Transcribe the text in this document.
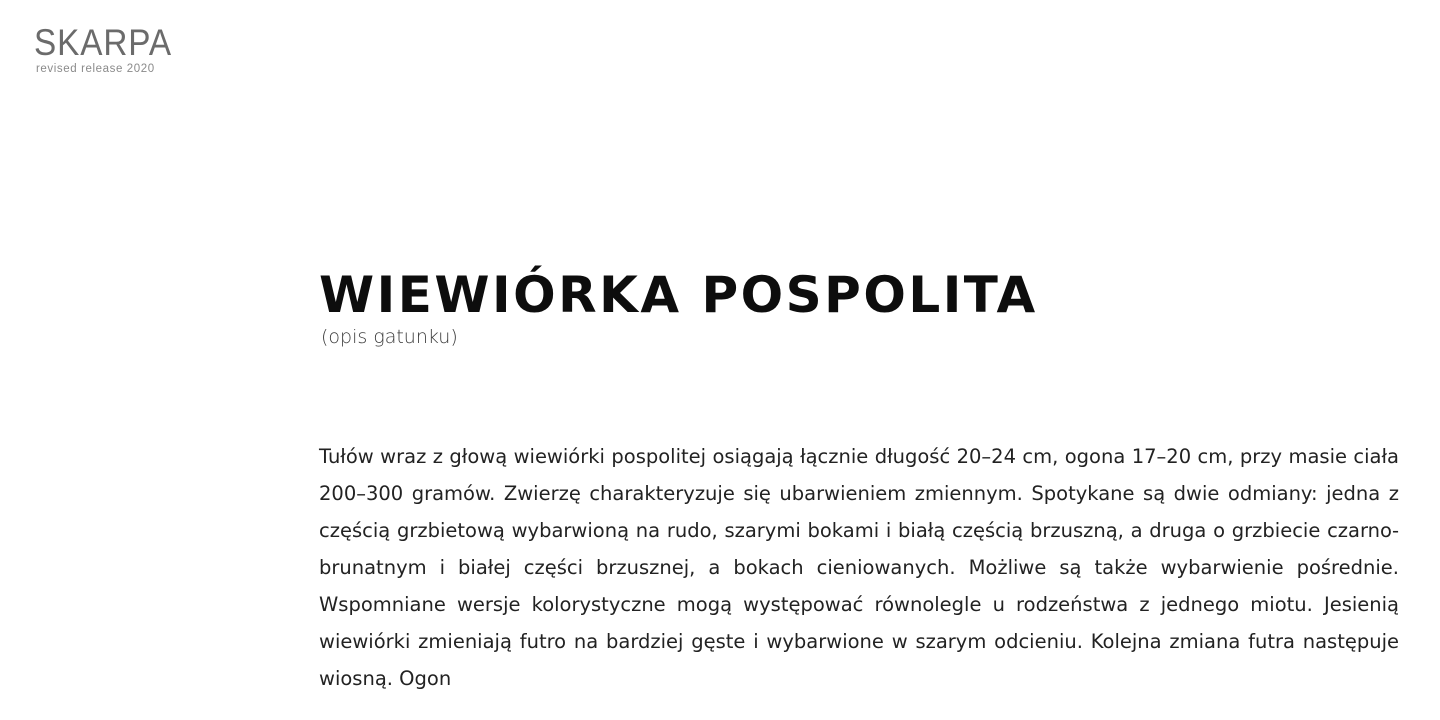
SKARPA
revised release 2020
WIEWIÓRKA POSPOLITA
(opis gatunku)

Tułów wraz z głową wiewiórki pospolitej osiągają łącznie długość 20–24 cm, ogona 17–20 cm, przy masie ciała 200–300 gramów. Zwierzę charakteryzuje się ubarwieniem zmiennym. Spotykane są dwie odmiany: jedna z częścią grzbietową wybarwioną na rudo, szarymi bokami i białą częścią brzuszną, a druga o grzbiecie czarnobrunatnym i białej części brzusznej, a bokach cieniowanych. Możliwe są także wybarwienie pośrednie. Wspomniane wersje kolorystyczne mogą występować równolegle u rodzeństwa z jednego miotu. Jesienią wiewiórki zmieniają futro na bardziej gęste i wybarwione w szarym odcieniu. Kolejna zmiana futra następuje wiosną. Ogon
